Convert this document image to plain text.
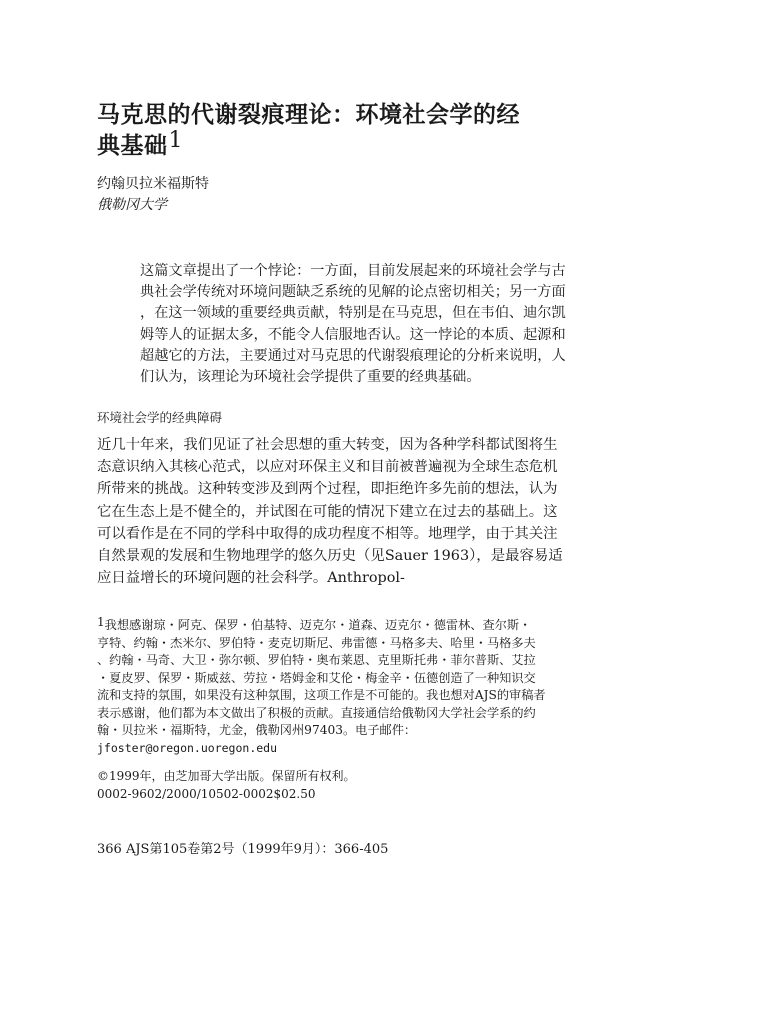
马克思的代谢裂痕理论：环境社会学的经
典基础$^1$
约翰贝拉米福斯特
俄勒冈大学
这篇文章提出了一个悖论：一方面，目前发展起来的环境社会学与古
典社会学传统对环境问题缺乏系统的见解的论点密切相关；另一方面
，在这一领域的重要经典贡献，特别是在马克思，但在韦伯、迪尔凯
姆等人的证据太多，不能令人信服地否认。这一悖论的本质、起源和
超越它的方法，主要通过对马克思的代谢裂痕理论的分析来说明，人
们认为，该理论为环境社会学提供了重要的经典基础。
环境社会学的经典障碍
近几十年来，我们见证了社会思想的重大转变，因为各种学科都试图将生
态意识纳入其核心范式，以应对环保主义和目前被普遍视为全球生态危机
所带来的挑战。这种转变涉及到两个过程，即拒绝许多先前的想法，认为
它在生态上是不健全的，并试图在可能的情况下建立在过去的基础上。这
可以看作是在不同的学科中取得的成功程度不相等。地理学，由于其关注
自然景观的发展和生物地理学的悠久历史（见Sauer 1963），是最容易适
应日益增长的环境问题的社会科学。Anthropol-
$^1$我想感谢琼・阿克、保罗・伯基特、迈克尔・道森、迈克尔・德雷林、查尔斯・
亨特、约翰・杰米尔、罗伯特・麦克切斯尼、弗雷德・马格多夫、哈里・马格多夫
、约翰・马奇、大卫・弥尔顿、罗伯特・奥布莱恩、克里斯托弗・菲尔普斯、艾拉
・夏皮罗、保罗・斯威兹、劳拉・塔姆金和艾伦・梅金辛・伍德创造了一种知识交
流和支持的氛围，如果没有这种氛围，这项工作是不可能的。我也想对AJS的审稿者
表示感谢，他们都为本文做出了积极的贡献。直接通信给俄勒冈大学社会学系的约
翰・贝拉米・福斯特，尤金，俄勒冈州97403。电子邮件：
jfoster@oregon.uoregon.edu
©1999年，由芝加哥大学出版。保留所有权利。
0002-9602/2000/10502-0002$02.50
366 AJS第105卷第2号（1999年9月）：366-405
